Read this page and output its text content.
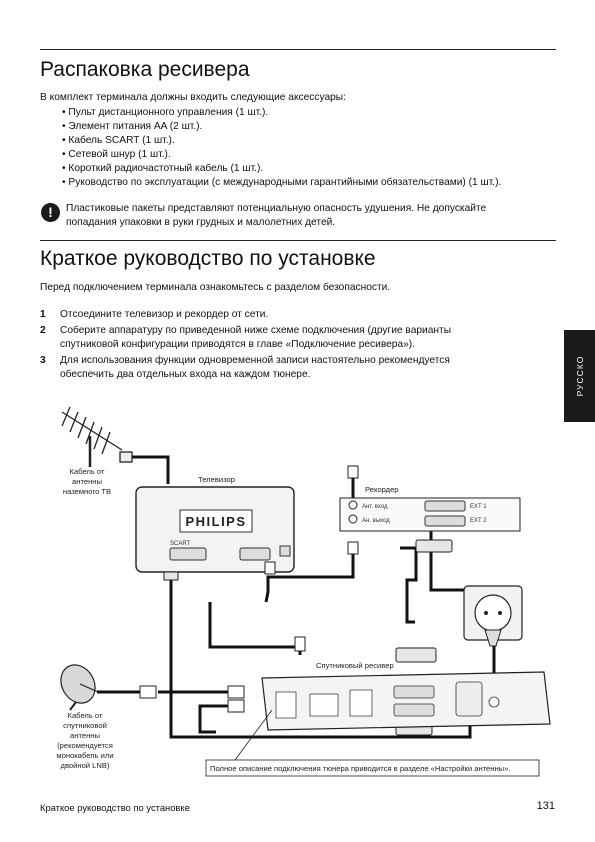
Распаковка ресивера
В комплект терминала должны входить следующие аксессуары:
• Пульт дистанционного управления (1 шт.).
• Элемент питания AA (2 шт.).
• Кабель SCART (1 шт.).
• Сетевой шнур (1 шт.).
• Короткий радиочастотный кабель (1 шт.).
• Руководство по эксплуатации (с международными гарантийными обязательствами) (1 шт.).
!	Пластиковые пакеты представляют потенциальную опасность удушения. Не допускайте
попадания упаковки в руки грудных и малолетних детей.
Краткое руководство по установке
Перед подключением терминала ознакомьтесь с разделом безопасности.
1 Отсоедините телевизор и рекордер от сети.
2 Соберите аппаратуру по приведенной ниже схеме подключения (другие варианты
спутниковой конфигурации приводятся в главе «Подключение ресивера»).
3 Для использования функции одновременной записи настоятельно рекомендуется
обеспечить два отдельных входа на каждом тюнере.	РУССКО
Кабель от
антенны
наземного ТВ
Телевизор
PHILIPS
SCART
Рекордер
Ант. вход
Ан. выход
EXT 1
EXT 2
Кабель от
спутниковой
антенны
(рекомендуется
монокабель или
двойной LNB)
Спутниковый ресивер
Полное описание подключения тюнера приводится в разделе «Настройки антенны».
Краткое руководство по установке	131
